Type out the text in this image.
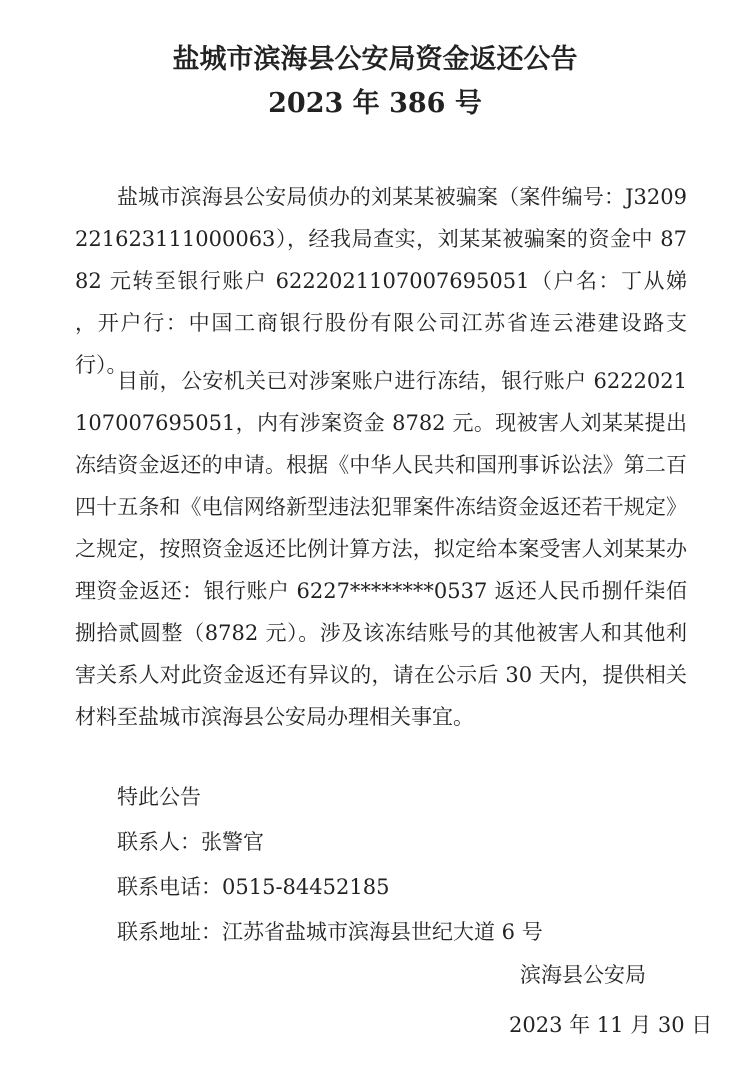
盐城市滨海县公安局资金返还公告
2023 年 386 号
盐城市滨海县公安局侦办的刘某某被骗案（案件编号：J3209221623111000063），经我局查实，刘某某被骗案的资金中 8782 元转至银行账户 6222021107007695051（户名：丁从娣 ，开户行：中国工商银行股份有限公司江苏省连云港建设路支行）。
目前，公安机关已对涉案账户进行冻结，银行账户 6222021107007695051，内有涉案资金 8782 元。现被害人刘某某提出冻结资金返还的申请。根据《中华人民共和国刑事诉讼法》第二百四十五条和《电信网络新型违法犯罪案件冻结资金返还若干规定》之规定，按照资金返还比例计算方法，拟定给本案受害人刘某某办理资金返还：银行账户 6227********0537 返还人民币捌仟柒佰捌拾贰圆整（8782 元）。涉及该冻结账号的其他被害人和其他利害关系人对此资金返还有异议的，请在公示后 30 天内，提供相关材料至盐城市滨海县公安局办理相关事宜。
特此公告
联系人：张警官
联系电话：0515-84452185
联系地址：江苏省盐城市滨海县世纪大道 6 号
滨海县公安局
2023 年 11 月 30 日
